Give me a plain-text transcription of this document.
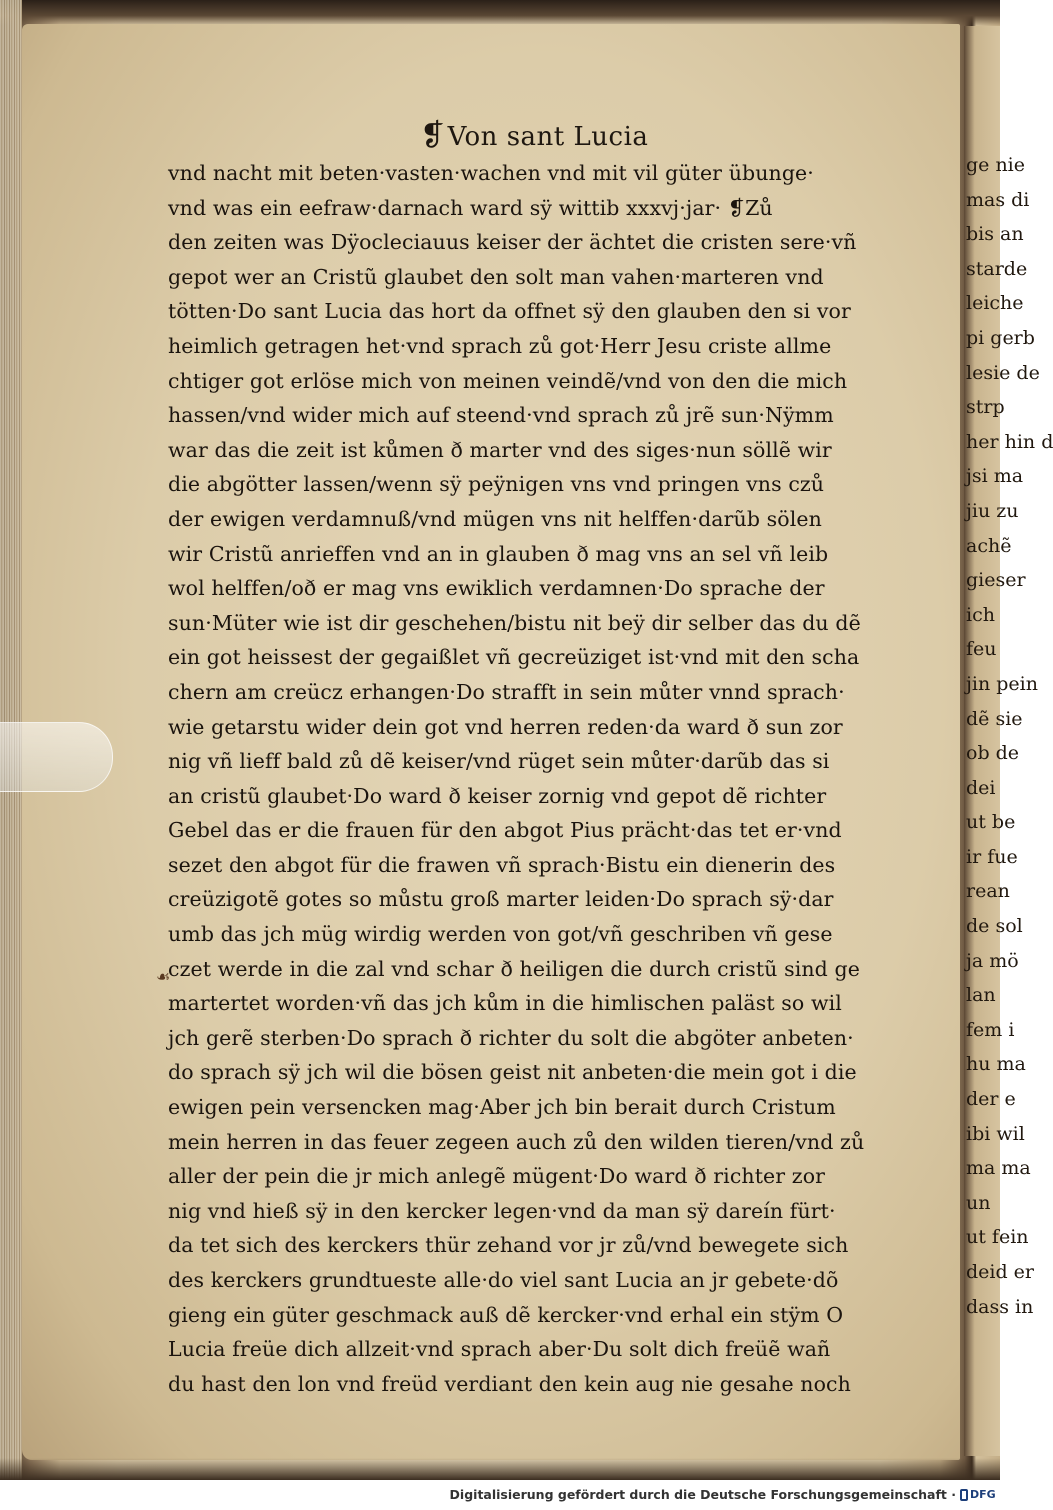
❡Von sant Lucia
vnd nacht mit beten·vasten·wachen vnd mit vil güter übunge·
vnd was ein eefraw·darnach ward sÿ wittib xxxvj·jar· ❡Zů
den zeiten was Dÿocleciauus keiser der ächtet die cristen sere·vñ
gepot wer an Cristũ glaubet den solt man vahen·marteren vnd
tötten·Do sant Lucia das hort da offnet sÿ den glauben den si vor
heimlich getragen het·vnd sprach zů got·Herr Jesu criste allme
chtiger got erlöse mich von meinen veindẽ/vnd von den die mich
hassen/vnd wider mich auf steend·vnd sprach zů jrẽ sun·Nÿmm
war das die zeit ist kůmen ð marter vnd des siges·nun söllẽ wir
die abgötter lassen/wenn sÿ peÿnigen vns vnd pringen vns czů
der ewigen verdamnuß/vnd mügen vns nit helffen·darũb sölen
wir Cristũ anrieffen vnd an in glauben ð mag vns an sel vñ leib
wol helffen/oð er mag vns ewiklich verdamnen·Do sprache der
sun·Müter wie ist dir geschehen/bistu nit beÿ dir selber das du dẽ
ein got heissest der gegaißlet vñ gecreüziget ist·vnd mit den scha
chern am creücz erhangen·Do strafft in sein můter vnnd sprach·
wie getarstu wider dein got vnd herren reden·da ward ð sun zor
nig vñ lieff bald zů dẽ keiser/vnd rüget sein můter·darũb das si
an cristũ glaubet·Do ward ð keiser zornig vnd gepot dẽ richter
Gebel das er die frauen für den abgot Pius prächt·das tet er·vnd
sezet den abgot für die frawen vñ sprach·Bistu ein dienerin des
creüzigotẽ gotes so můstu groß marter leiden·Do sprach sÿ·dar
umb das jch müg wirdig werden von got/vñ geschriben vñ gese
czet werde in die zal vnd schar ð heiligen die durch cristũ sind ge
martertet worden·vñ das jch kům in die himlischen paläst so wil
jch gerẽ sterben·Do sprach ð richter du solt die abgöter anbeten·
do sprach sÿ jch wil die bösen geist nit anbeten·die mein got i die
ewigen pein versencken mag·Aber jch bin berait durch Cristum
mein herren in das feuer zegeen auch zů den wilden tieren/vnd zů
aller der pein die jr mich anlegẽ mügent·Do ward ð richter zor
nig vnd hieß sÿ in den kercker legen·vnd da man sÿ dareín fürt·
da tet sich des kerckers thür zehand vor jr zů/vnd bewegete sich
des kerckers grundtueste alle·do viel sant Lucia an jr gebete·dõ
gieng ein güter geschmack auß dẽ kercker·vnd erhal ein stÿm O
Lucia freüe dich allzeit·vnd sprach aber·Du solt dich freüẽ wañ
du hast den lon vnd freüd verdiant den kein aug nie gesahe noch
☙
ge nie
mas di
bis an
starde
leiche
pi gerb
lesie de
strp
her hin d
jsi ma
jiu zu
achẽ
gieser
ich
feu
jin pein
dẽ sie
ob de
dei
ut be
ir fue
rean
de sol
ja mö
lan
fem i
hu ma
der e
ibi wil
ma ma
un
ut fein
deid er
dass in
Digitalisierung gefördert durch die Deutsche Forschungsgemeinschaft · DFG
